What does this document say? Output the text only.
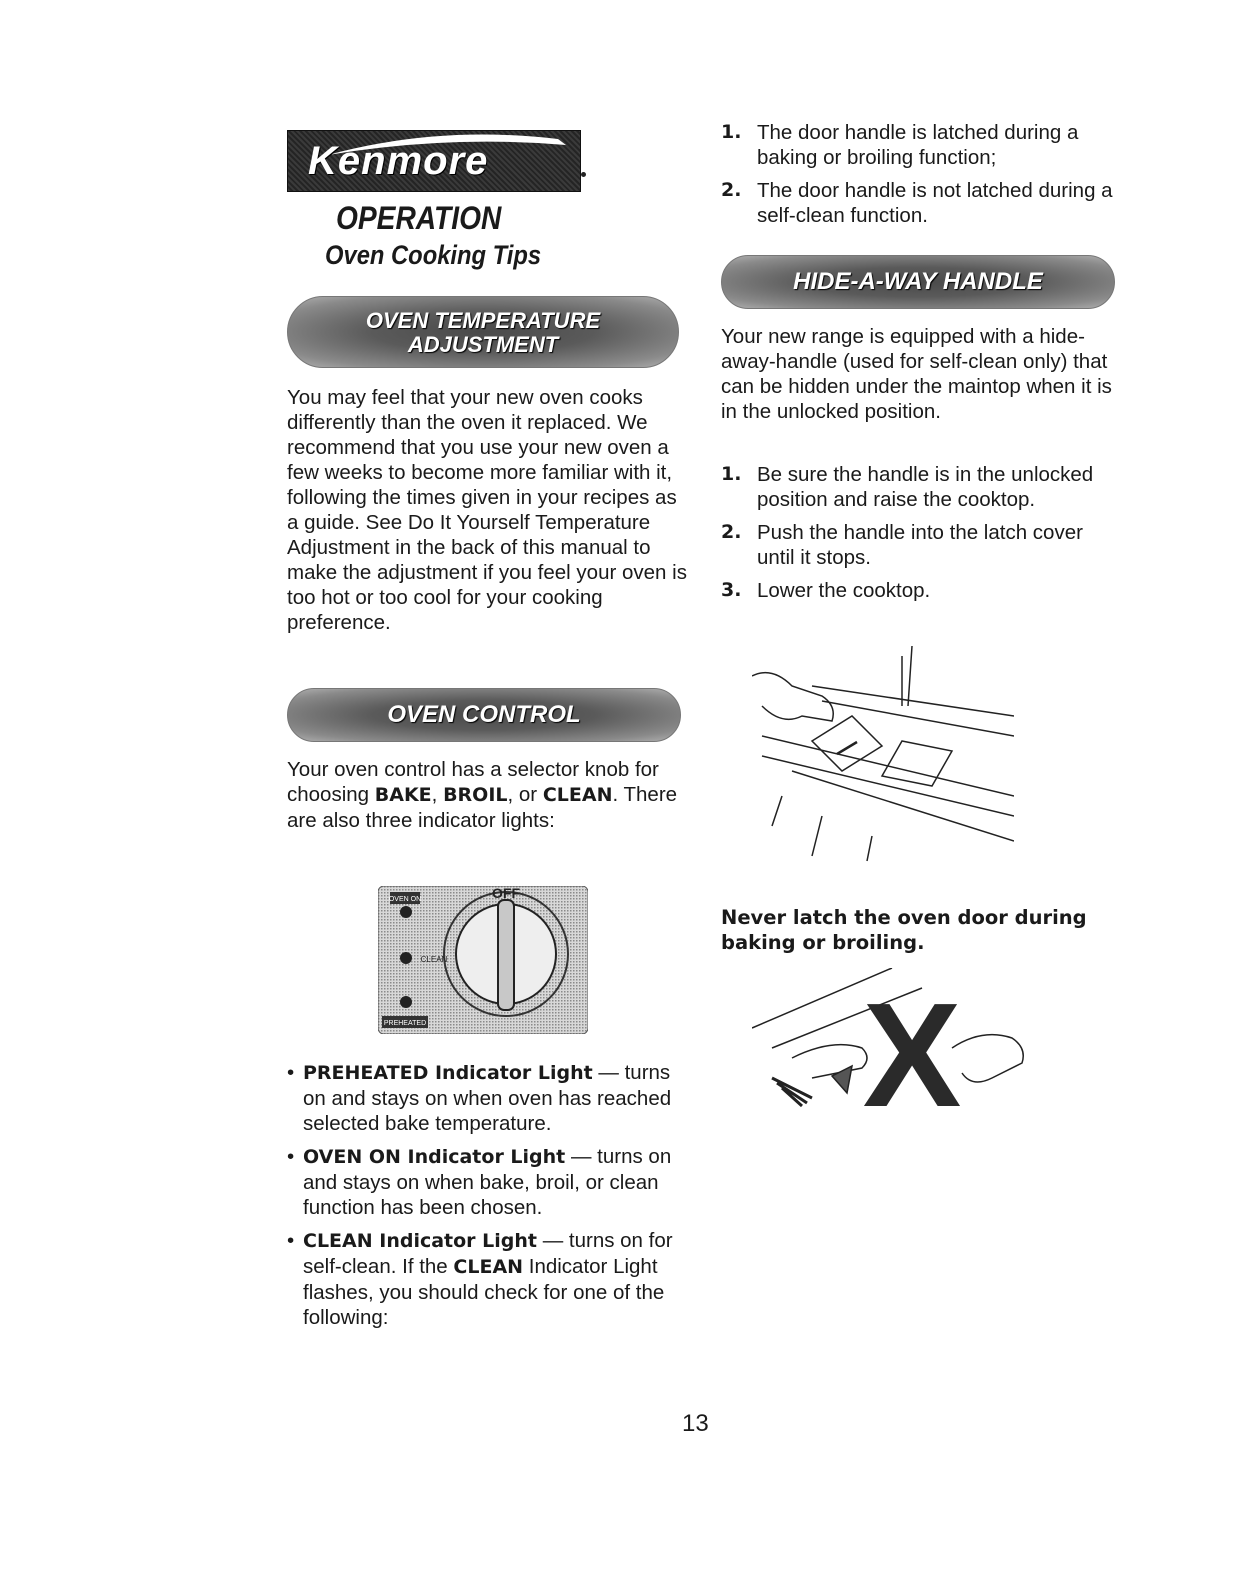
Kenmore
OPERATION
Oven Cooking Tips
OVEN TEMPERATURE
ADJUSTMENT
You may feel that your new oven cooks differently than the oven it replaced. We recommend that you use your new oven a few weeks to become more familiar with it, following the times given in your recipes as a guide. See Do It Yourself Temperature Adjustment in the back of this manual to make the adjustment if you feel your oven is too hot or too cool for your cooking preference.
OVEN CONTROL
Your oven control has a selector knob for choosing BAKE, BROIL, or CLEAN. There are also three indicator lights:
OVEN ON
CLEAN
PREHEATED
OFF
• PREHEATED Indicator Light — turns on and stays on when oven has reached selected bake temperature.
• OVEN ON Indicator Light — turns on and stays on when bake, broil, or clean function has been chosen.
• CLEAN Indicator Light — turns on for self-clean. If the CLEAN Indicator Light flashes, you should check for one of the following:
1. The door handle is latched during a baking or broiling function;
2. The door handle is not latched during a self-clean function.
HIDE-A-WAY HANDLE
Your new range is equipped with a hide-away-handle (used for self-clean only) that can be hidden under the maintop when it is in the unlocked position.
1. Be sure the handle is in the unlocked position and raise the cooktop.
2. Push the handle into the latch cover until it stops.
3. Lower the cooktop.
Never latch the oven door during baking or broiling.
X
13
